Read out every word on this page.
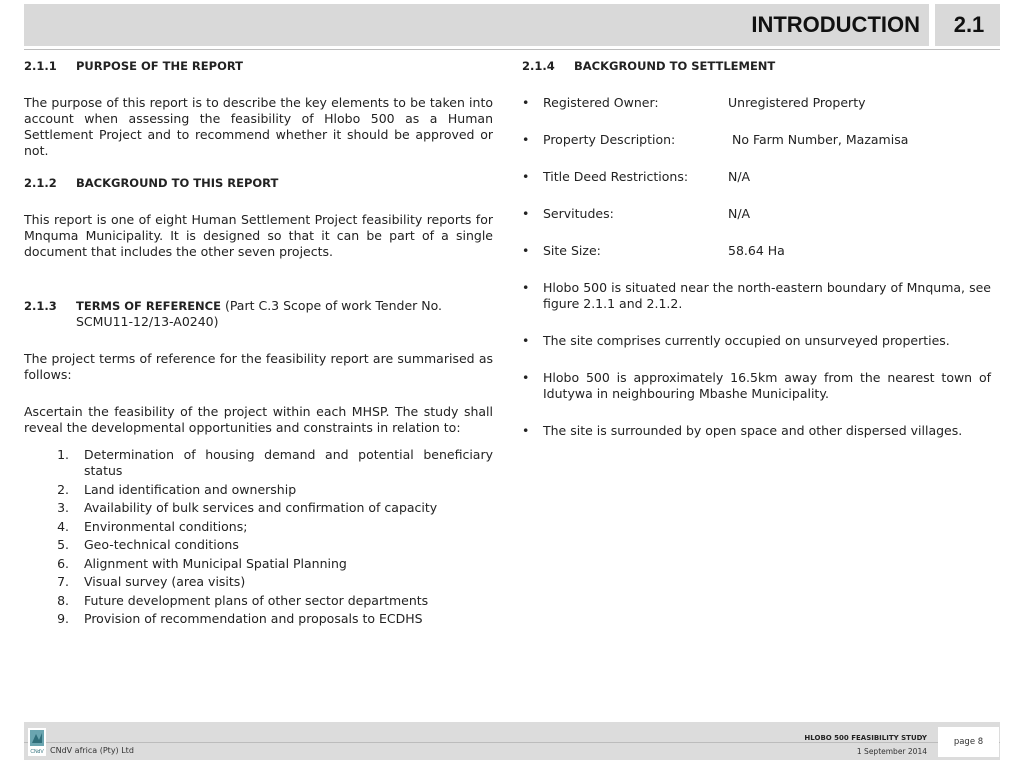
INTRODUCTION	2.1
2.1.1	PURPOSE OF THE REPORT

The purpose of this report is to describe the key elements to be taken into account when assessing the feasibility of Hlobo 500 as a Human Settlement Project and to recommend whether it should be approved or not.

2.1.2	BACKGROUND TO THIS REPORT

This report is one of eight Human Settlement Project feasibility reports for Mnquma Municipality. It is designed so that it can be part of a single document that includes the other seven projects.

2.1.3	TERMS OF REFERENCE (Part C.3 Scope of work Tender No. SCMU11-12/13-A0240)

The project terms of reference for the feasibility report are summarised as follows:

Ascertain the feasibility of the project within each MHSP. The study shall reveal the developmental opportunities and constraints in relation to:

1.	Determination of housing demand and potential beneficiary status
2.	Land identification and ownership
3.	Availability of bulk services and confirmation of capacity
4.	Environmental conditions;
5.	Geo-technical conditions
6.	Alignment with Municipal Spatial Planning
7.	Visual survey (area visits)
8.	Future development plans of other sector departments
9.	Provision of recommendation and proposals to ECDHS
2.1.4	BACKGROUND TO SETTLEMENT
•	Registered Owner:	Unregistered Property
•	Property Description:	No Farm Number, Mazamisa
•	Title Deed Restrictions:	N/A
•	Servitudes:	N/A
•	Site Size:	58.64 Ha
•	Hlobo 500 is situated near the north-eastern boundary of Mnquma, see figure 2.1.1 and 2.1.2.
•	The site comprises currently occupied on unsurveyed properties.
•	Hlobo 500 is approximately 16.5km away from the nearest town of Idutywa in neighbouring Mbashe Municipality.
•	The site is surrounded by open space and other dispersed villages.
CNdV CNdV africa (Pty) Ltd
HLOBO 500 FEASIBILITY STUDY
1 September 2014
page 8
